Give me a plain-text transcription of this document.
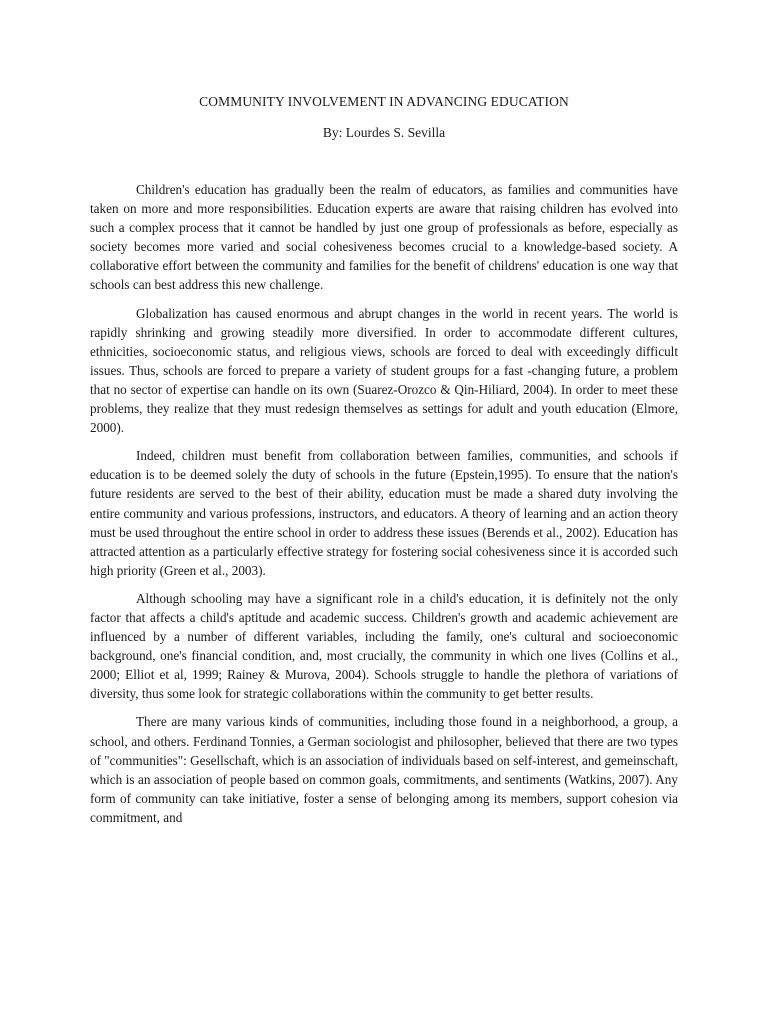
COMMUNITY INVOLVEMENT IN ADVANCING EDUCATION

By: Lourdes S. Sevilla

Children's education has gradually been the realm of educators, as families and communities have taken on more and more responsibilities. Education experts are aware that raising children has evolved into such a complex process that it cannot be handled by just one group of professionals as before, especially as society becomes more varied and social cohesiveness becomes crucial to a knowledge-based society. A collaborative effort between the community and families for the benefit of childrens' education is one way that schools can best address this new challenge.

Globalization has caused enormous and abrupt changes in the world in recent years. The world is rapidly shrinking and growing steadily more diversified. In order to accommodate different cultures, ethnicities, socioeconomic status, and religious views, schools are forced to deal with exceedingly difficult issues. Thus, schools are forced to prepare a variety of student groups for a fast -changing future, a problem that no sector of expertise can handle on its own (Suarez-Orozco & Qin-Hiliard, 2004). In order to meet these problems, they realize that they must redesign themselves as settings for adult and youth education (Elmore, 2000).

Indeed, children must benefit from collaboration between families, communities, and schools if education is to be deemed solely the duty of schools in the future (Epstein,1995). To ensure that the nation's future residents are served to the best of their ability, education must be made a shared duty involving the entire community and various professions, instructors, and educators. A theory of learning and an action theory must be used throughout the entire school in order to address these issues (Berends et al., 2002). Education has attracted attention as a particularly effective strategy for fostering social cohesiveness since it is accorded such high priority (Green et al., 2003).

Although schooling may have a significant role in a child's education, it is definitely not the only factor that affects a child's aptitude and academic success. Children's growth and academic achievement are influenced by a number of different variables, including the family, one's cultural and socioeconomic background, one's financial condition, and, most crucially, the community in which one lives (Collins et al., 2000; Elliot et al, 1999; Rainey & Murova, 2004). Schools struggle to handle the plethora of variations of diversity, thus some look for strategic collaborations within the community to get better results.

There are many various kinds of communities, including those found in a neighborhood, a group, a school, and others. Ferdinand Tonnies, a German sociologist and philosopher, believed that there are two types of "communities": Gesellschaft, which is an association of individuals based on self-interest, and gemeinschaft, which is an association of people based on common goals, commitments, and sentiments (Watkins, 2007). Any form of community can take initiative, foster a sense of belonging among its members, support cohesion via commitment, and
